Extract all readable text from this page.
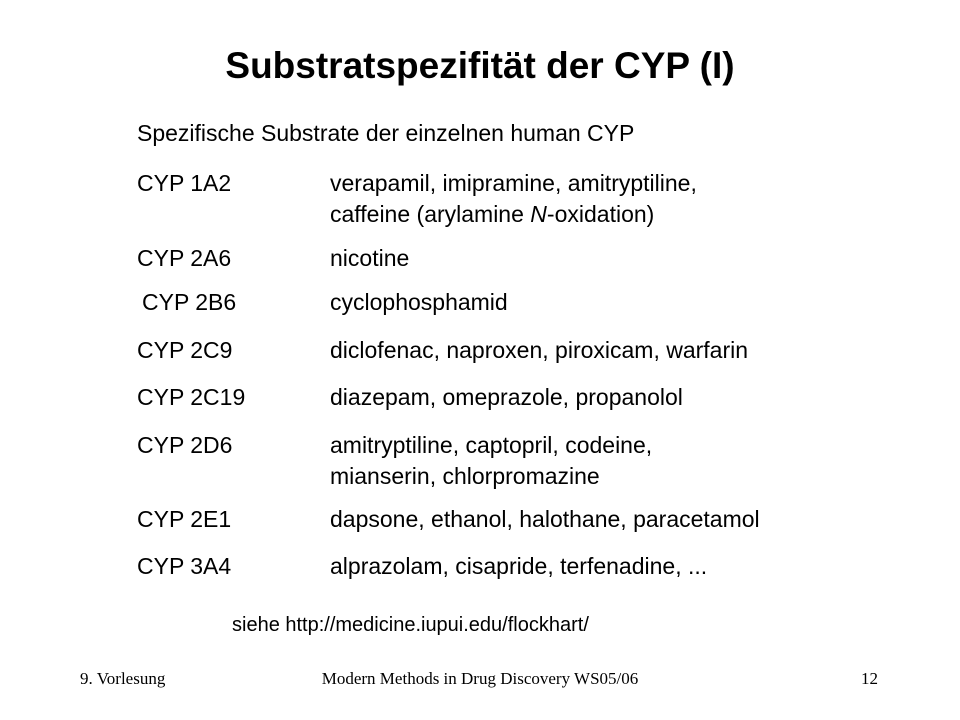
Substratspezifität der CYP (I)
Spezifische Substrate der einzelnen human CYP
CYP 1A2	verapamil, imipramine, amitryptiline,
caffeine (arylamine N-oxidation)
CYP 2A6	nicotine
CYP 2B6	cyclophosphamid
CYP 2C9	diclofenac, naproxen, piroxicam, warfarin
CYP 2C19	diazepam, omeprazole, propanolol
CYP 2D6	amitryptiline, captopril, codeine,
mianserin, chlorpromazine
CYP 2E1	dapsone, ethanol, halothane, paracetamol
CYP 3A4	alprazolam, cisapride, terfenadine, ...
siehe http://medicine.iupui.edu/flockhart/
9. Vorlesung	Modern Methods in Drug Discovery WS05/06	12
